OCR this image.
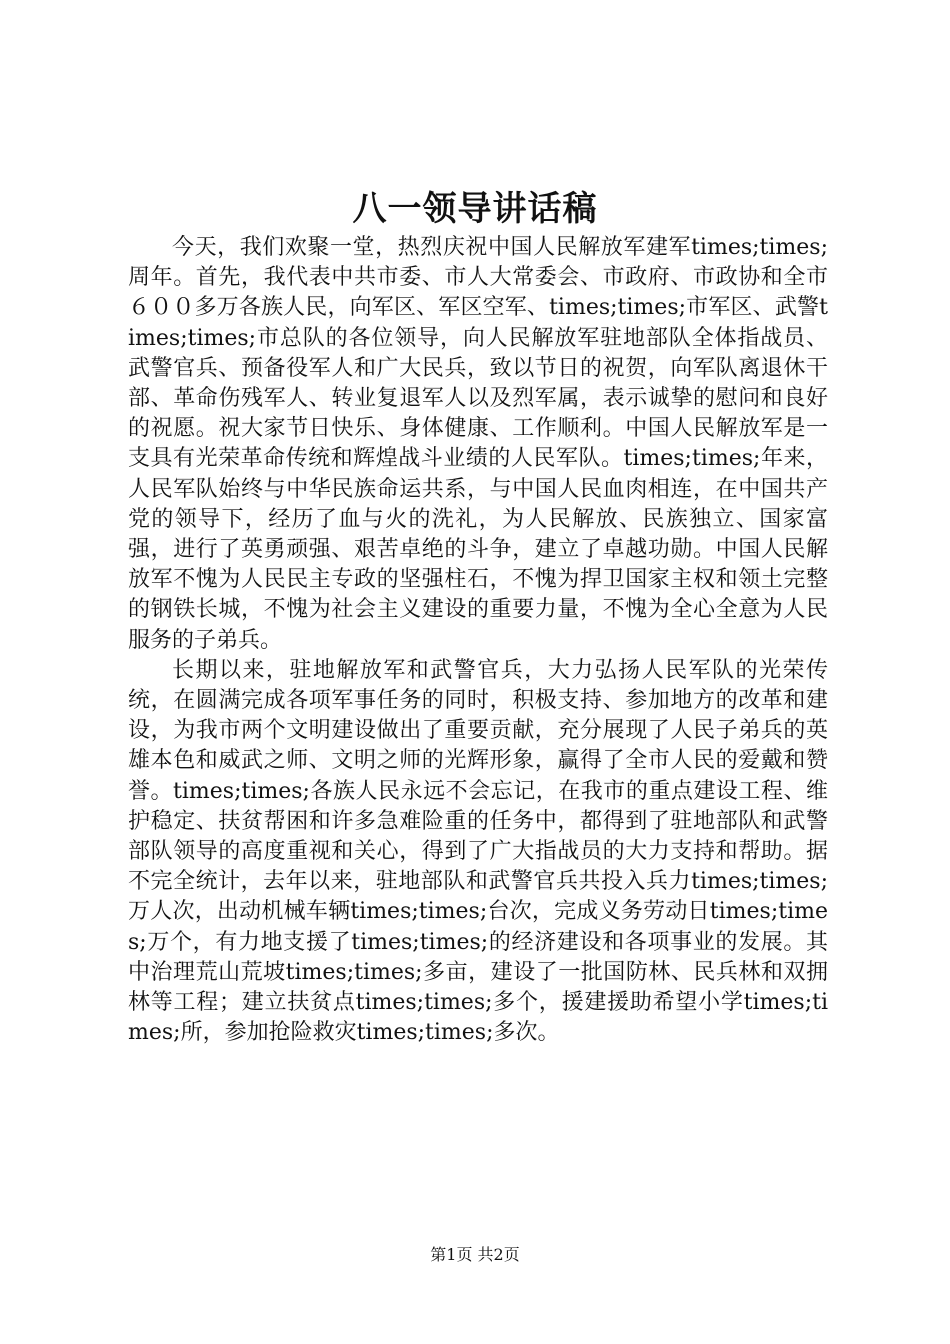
八一领导讲话稿

今天，我们欢聚一堂，热烈庆祝中国人民解放军建军times;times;周年。首先，我代表中共市委、市人大常委会、市政府、市政协和全市６００多万各族人民，向军区、军区空军、times;times;市军区、武警times;times;市总队的各位领导，向人民解放军驻地部队全体指战员、武警官兵、预备役军人和广大民兵，致以节日的祝贺，向军队离退休干部、革命伤残军人、转业复退军人以及烈军属，表示诚挚的慰问和良好的祝愿。祝大家节日快乐、身体健康、工作顺利。中国人民解放军是一支具有光荣革命传统和辉煌战斗业绩的人民军队。times;times;年来，人民军队始终与中华民族命运共系，与中国人民血肉相连，在中国共产党的领导下，经历了血与火的洗礼，为人民解放、民族独立、国家富强，进行了英勇顽强、艰苦卓绝的斗争，建立了卓越功勋。中国人民解放军不愧为人民民主专政的坚强柱石，不愧为捍卫国家主权和领土完整的钢铁长城，不愧为社会主义建设的重要力量，不愧为全心全意为人民服务的子弟兵。

长期以来，驻地解放军和武警官兵，大力弘扬人民军队的光荣传统，在圆满完成各项军事任务的同时，积极支持、参加地方的改革和建设，为我市两个文明建设做出了重要贡献，充分展现了人民子弟兵的英雄本色和威武之师、文明之师的光辉形象，赢得了全市人民的爱戴和赞誉。times;times;各族人民永远不会忘记，在我市的重点建设工程、维护稳定、扶贫帮困和许多急难险重的任务中，都得到了驻地部队和武警部队领导的高度重视和关心，得到了广大指战员的大力支持和帮助。据不完全统计，去年以来，驻地部队和武警官兵共投入兵力times;times;万人次，出动机械车辆times;times;台次，完成义务劳动日times;times;万个，有力地支援了times;times;的经济建设和各项事业的发展。其中治理荒山荒坡times;times;多亩，建设了一批国防林、民兵林和双拥林等工程；建立扶贫点times;times;多个，援建援助希望小学times;times;所，参加抢险救灾times;times;多次。

第1页 共2页
